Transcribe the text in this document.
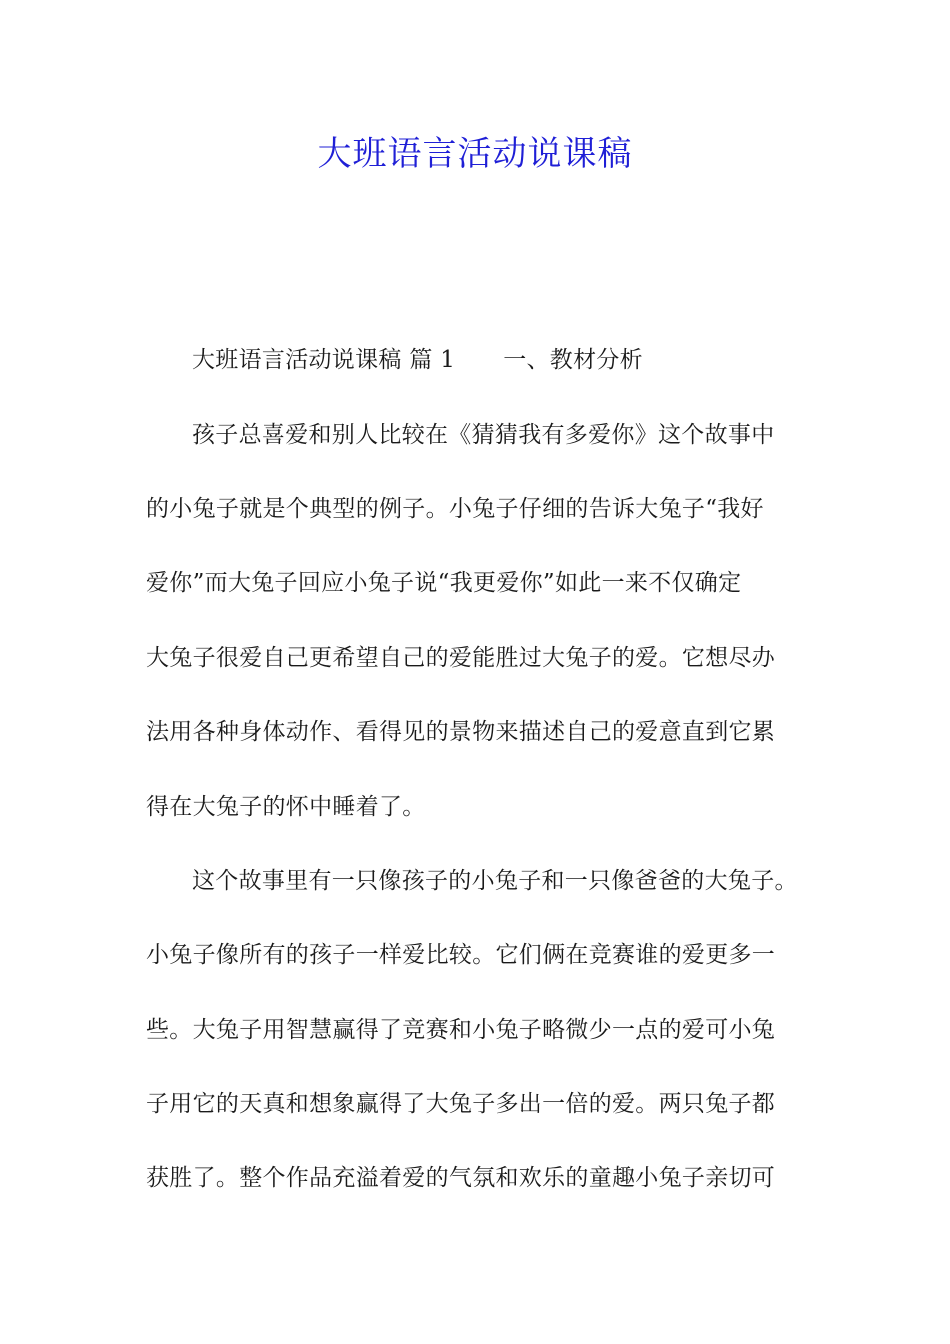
大班语言活动说课稿
大班语言活动说课稿 篇 1 一、教材分析
孩子总喜爱和别人比较在《猜猜我有多爱你》这个故事中
的小兔子就是个典型的例子。小兔子仔细的告诉大兔子“我好
爱你”而大兔子回应小兔子说“我更爱你”如此一来不仅确定
大兔子很爱自己更希望自己的爱能胜过大兔子的爱。它想尽办
法用各种身体动作、看得见的景物来描述自己的爱意直到它累
得在大兔子的怀中睡着了。
这个故事里有一只像孩子的小兔子和一只像爸爸的大兔子。
小兔子像所有的孩子一样爱比较。它们俩在竞赛谁的爱更多一
些。大兔子用智慧赢得了竞赛和小兔子略微少一点的爱可小兔
子用它的天真和想象赢得了大兔子多出一倍的爱。两只兔子都
获胜了。整个作品充溢着爱的气氛和欢乐的童趣小兔子亲切可
